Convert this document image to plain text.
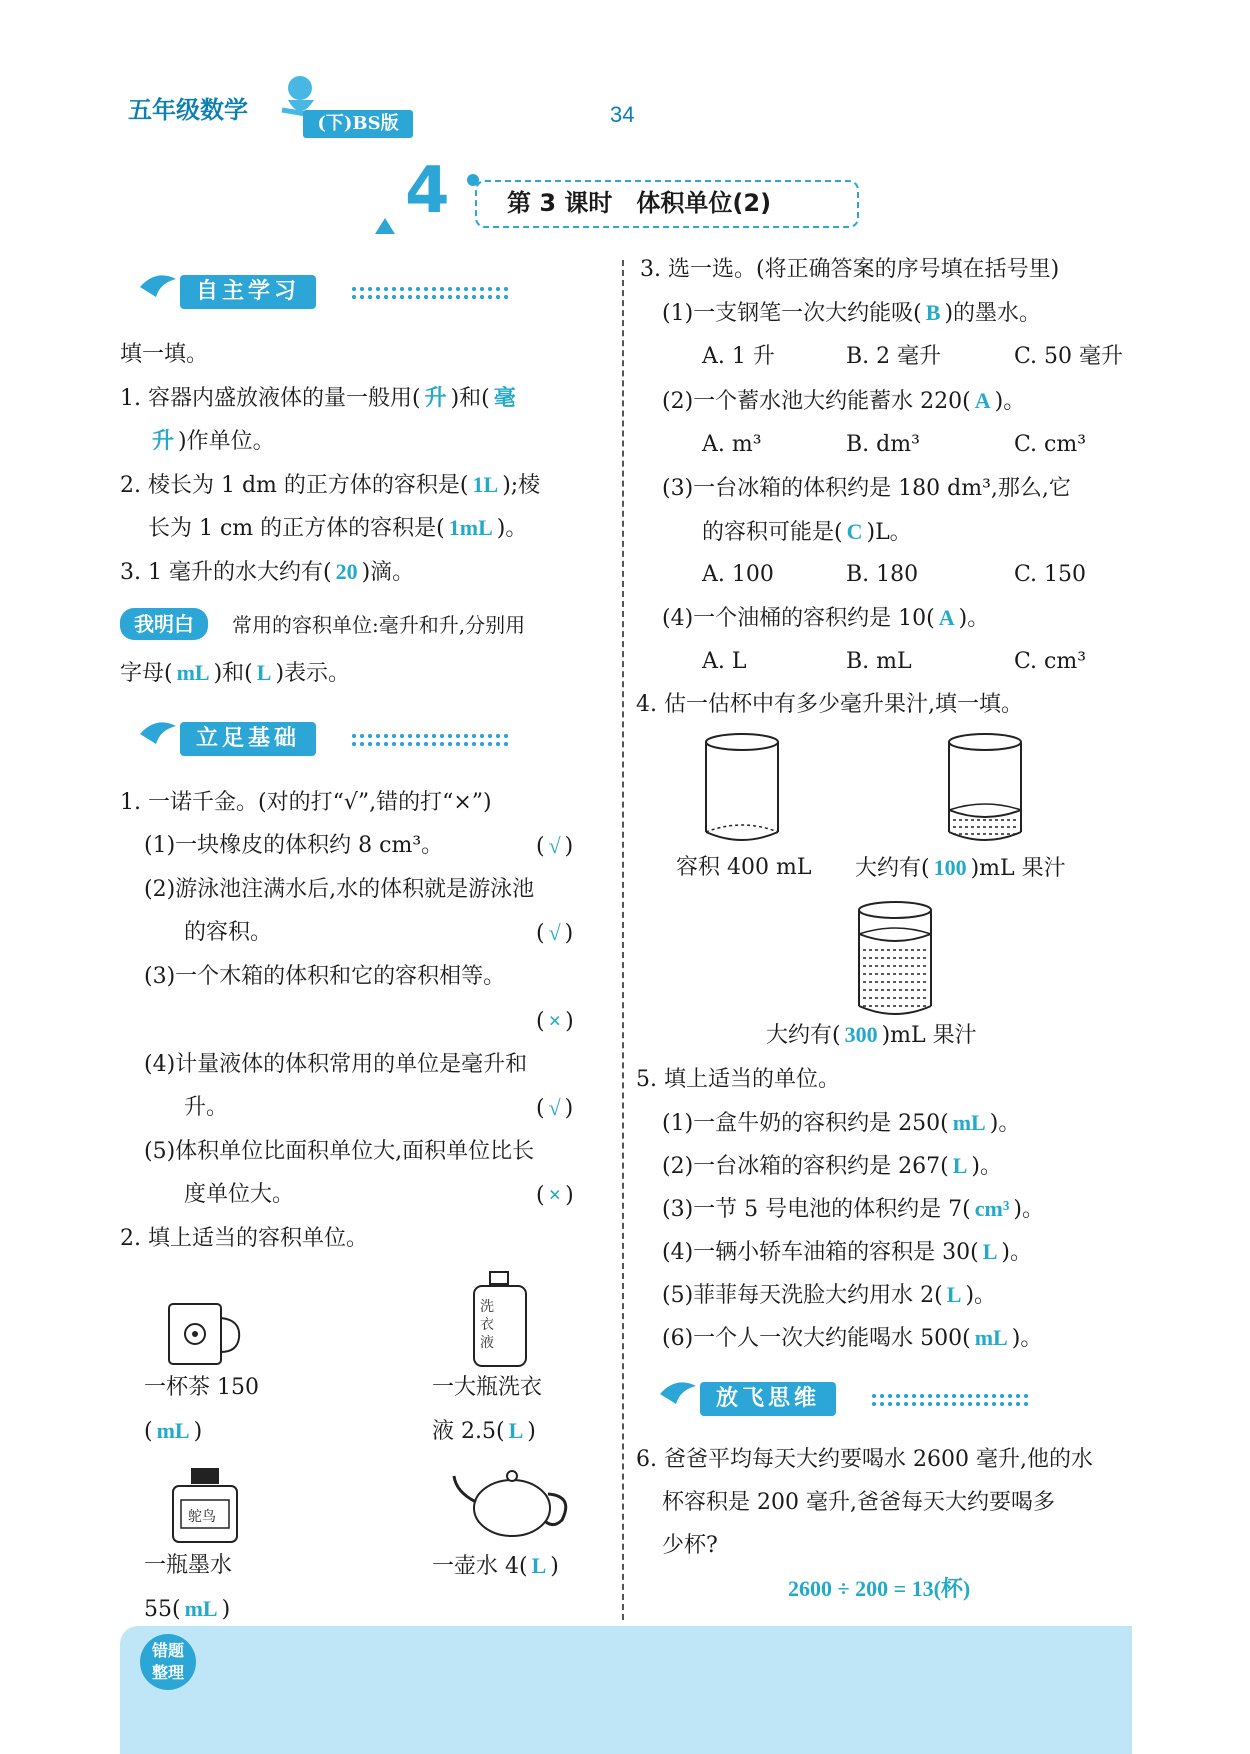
五年级数学	(下)BS版	34
4 第 3 课时　体积单位(2)
自主学习
填一填。
1. 容器内盛放液体的量一般用( 升 )和( 毫
升 )作单位。
2. 棱长为 1 dm 的正方体的容积是( 1L );棱
长为 1 cm 的正方体的容积是( 1mL )。
3. 1 毫升的水大约有( 20 )滴。
我明白	常用的容积单位:毫升和升,分别用
字母( mL )和( L )表示。
立足基础
1. 一诺千金。(对的打“√”,错的打“×”)
(1)一块橡皮的体积约 8 cm³。	( √ )
(2)游泳池注满水后,水的体积就是游泳池
的容积。	( √ )
(3)一个木箱的体积和它的容积相等。
( × )
(4)计量液体的体积常用的单位是毫升和
升。	( √ )
(5)体积单位比面积单位大,面积单位比长
度单位大。	( × )
2. 填上适当的容积单位。
一杯茶 150
( mL )
洗衣液
一大瓶洗衣
液 2.5( L )
鸵鸟
一瓶墨水
55( mL )
一壶水 4( L )
3. 选一选。(将正确答案的序号填在括号里)
(1)一支钢笔一次大约能吸( B )的墨水。
A. 1 升	B. 2 毫升	C. 50 毫升
(2)一个蓄水池大约能蓄水 220( A )。
A. m³	B. dm³	C. cm³
(3)一台冰箱的体积约是 180 dm³,那么,它
的容积可能是( C )L。
A. 100	B. 180	C. 150
(4)一个油桶的容积约是 10( A )。
A. L	B. mL	C. cm³
4. 估一估杯中有多少毫升果汁,填一填。
容积 400 mL 大约有( 100 )mL 果汁
大约有( 300 )mL 果汁
5. 填上适当的单位。
(1)一盒牛奶的容积约是 250( mL )。
(2)一台冰箱的容积约是 267( L )。
(3)一节 5 号电池的体积约是 7( cm³ )。
(4)一辆小轿车油箱的容积是 30( L )。
(5)菲菲每天洗脸大约用水 2( L )。
(6)一个人一次大约能喝水 500( mL )。
放飞思维
6. 爸爸平均每天大约要喝水 2600 毫升,他的水
杯容积是 200 毫升,爸爸每天大约要喝多
少杯?
2600 ÷ 200 = 13(杯)
错题
整理
